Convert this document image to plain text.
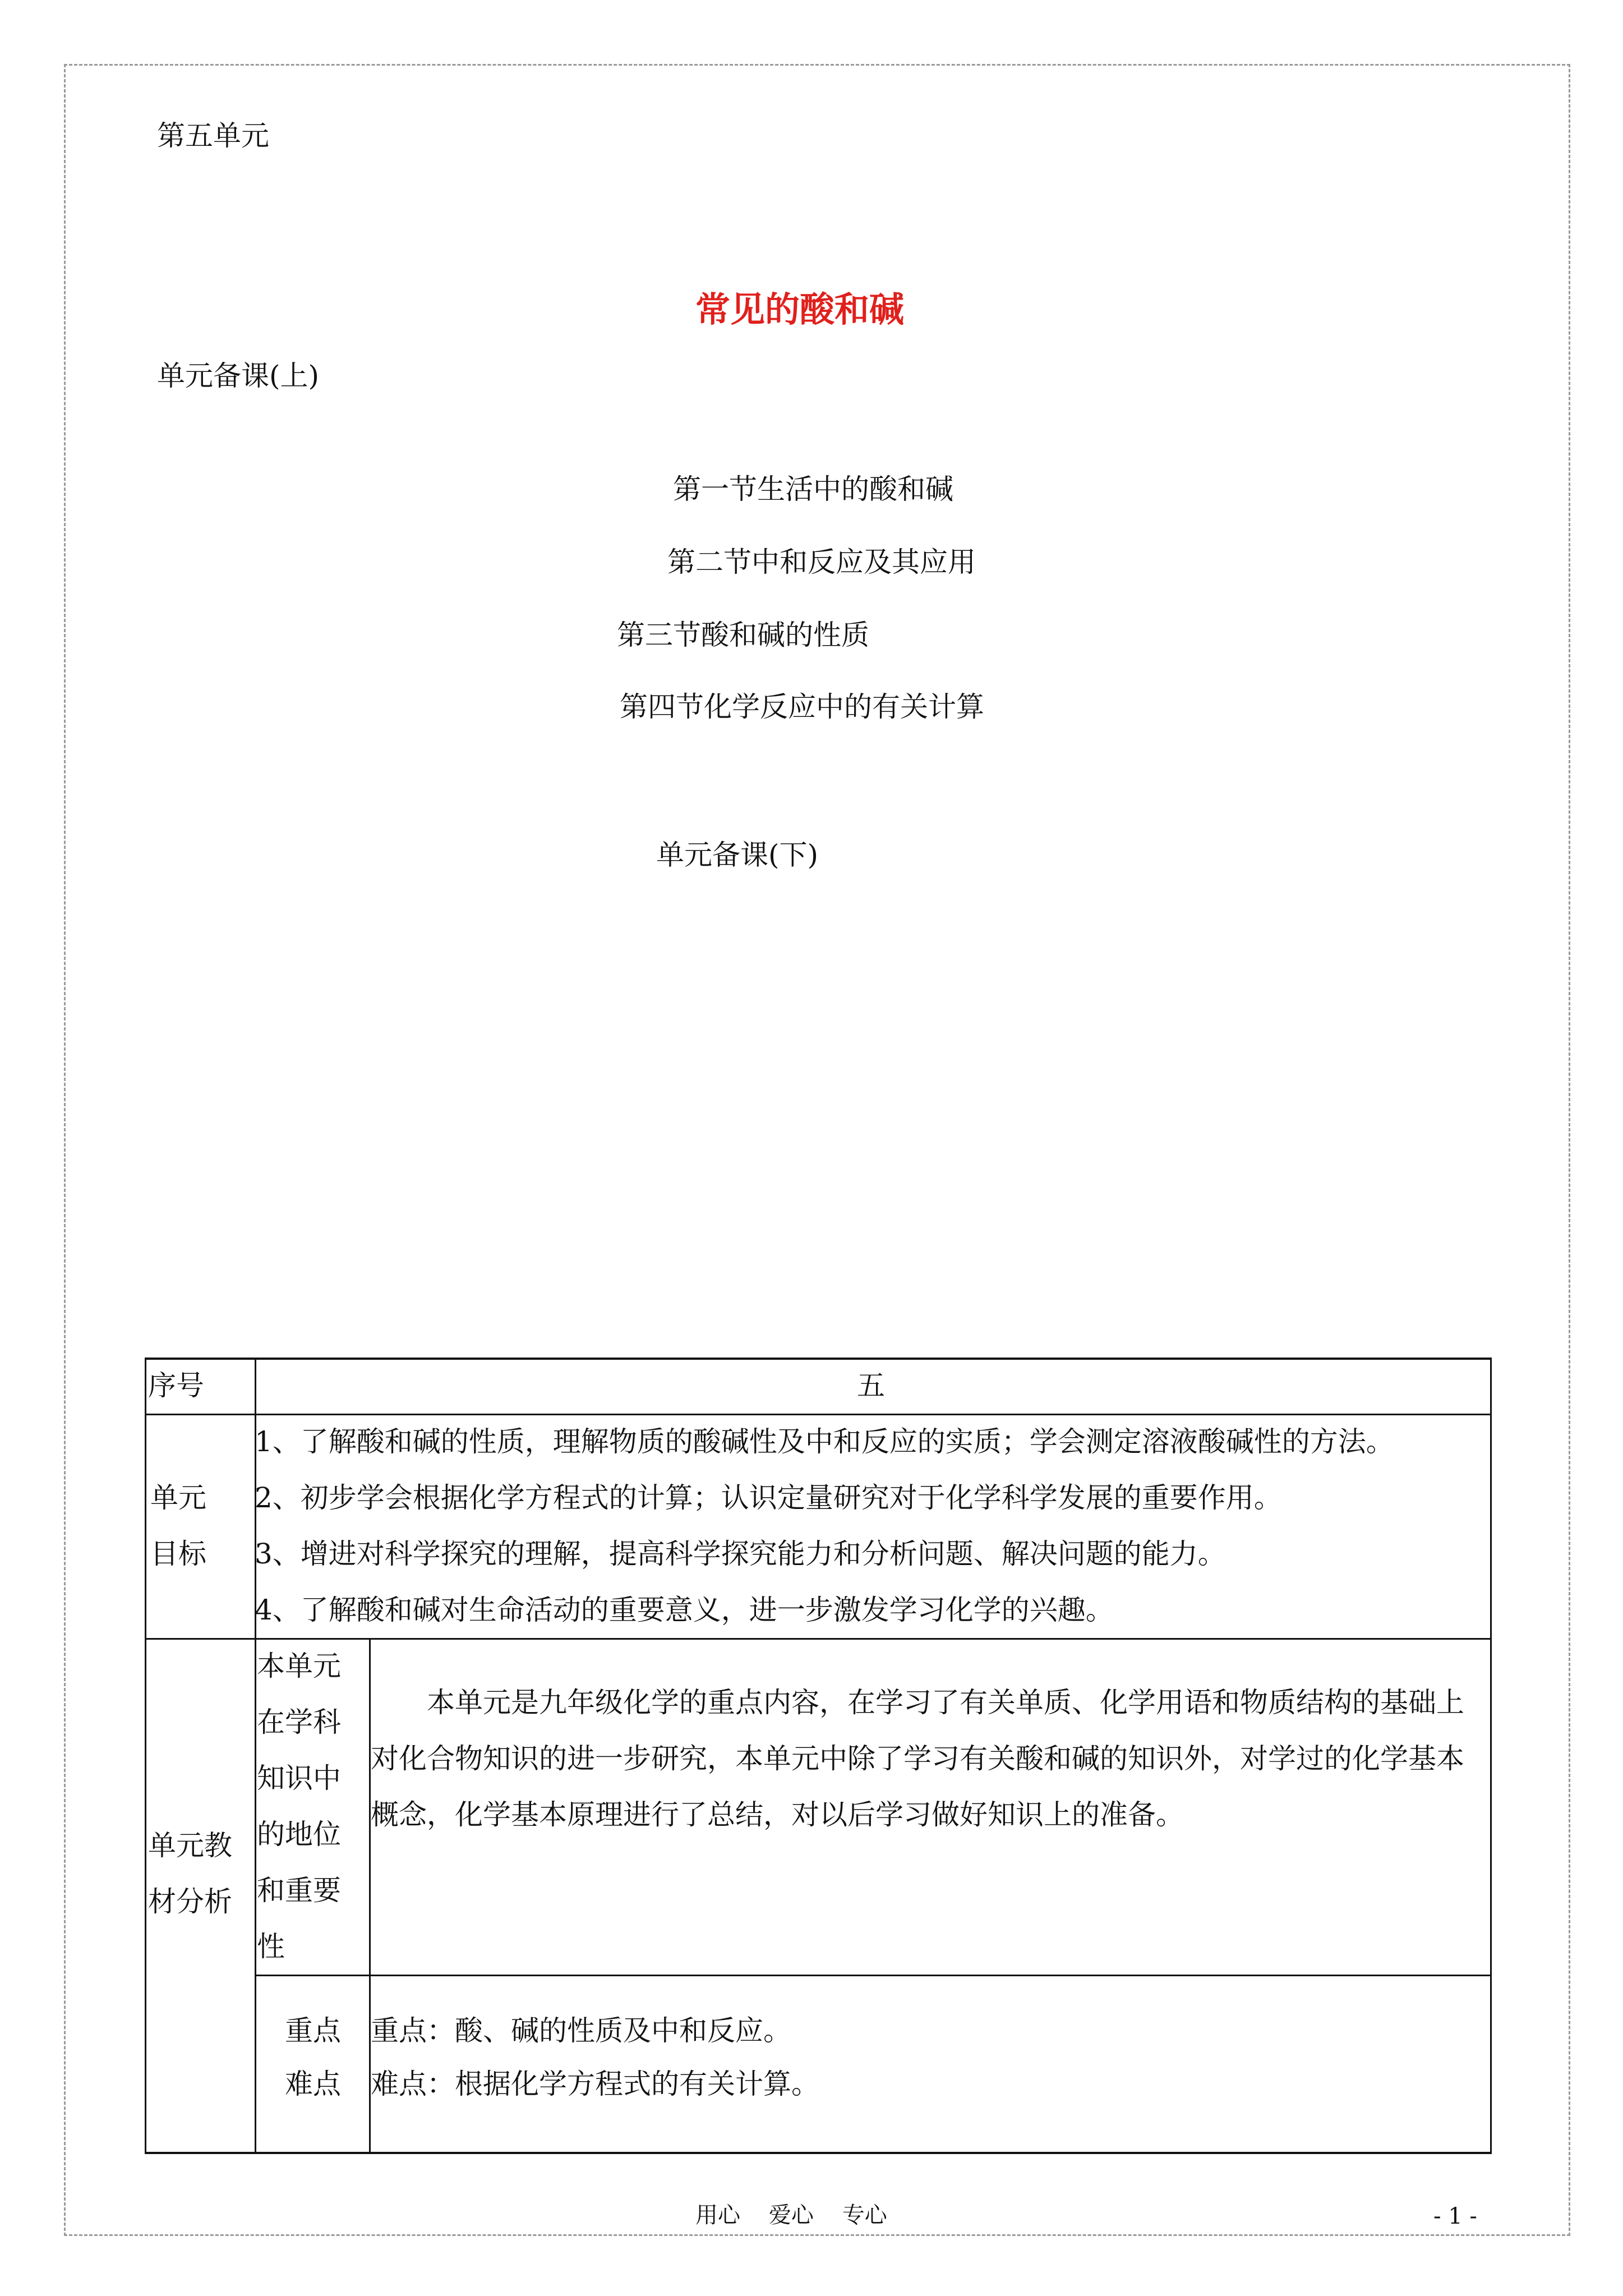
第五单元
常见的酸和碱
单元备课(上)
第一节生活中的酸和碱
第二节中和反应及其应用
第三节酸和碱的性质
第四节化学反应中的有关计算
单元备课(下)
序号	五
单元
目标
1、了解酸和碱的性质，理解物质的酸碱性及中和反应的实质；学会测定溶液酸碱性的方法。
2、初步学会根据化学方程式的计算；认识定量研究对于化学科学发展的重要作用。
3、增进对科学探究的理解，提高科学探究能力和分析问题、解决问题的能力。
4、了解酸和碱对生命活动的重要意义，进一步激发学习化学的兴趣。
单元教
材分析
本单元
在学科
知识中
的地位
和重要
性
本单元是九年级化学的重点内容，在学习了有关单质、化学用语和物质结构的基础上对化合物知识的进一步研究，本单元中除了学习有关酸和碱的知识外，对学过的化学基本概念，化学基本原理进行了总结，对以后学习做好知识上的准备。
重点
难点
重点：酸、碱的性质及中和反应。
难点：根据化学方程式的有关计算。
用心    爱心    专心	- 1 -
